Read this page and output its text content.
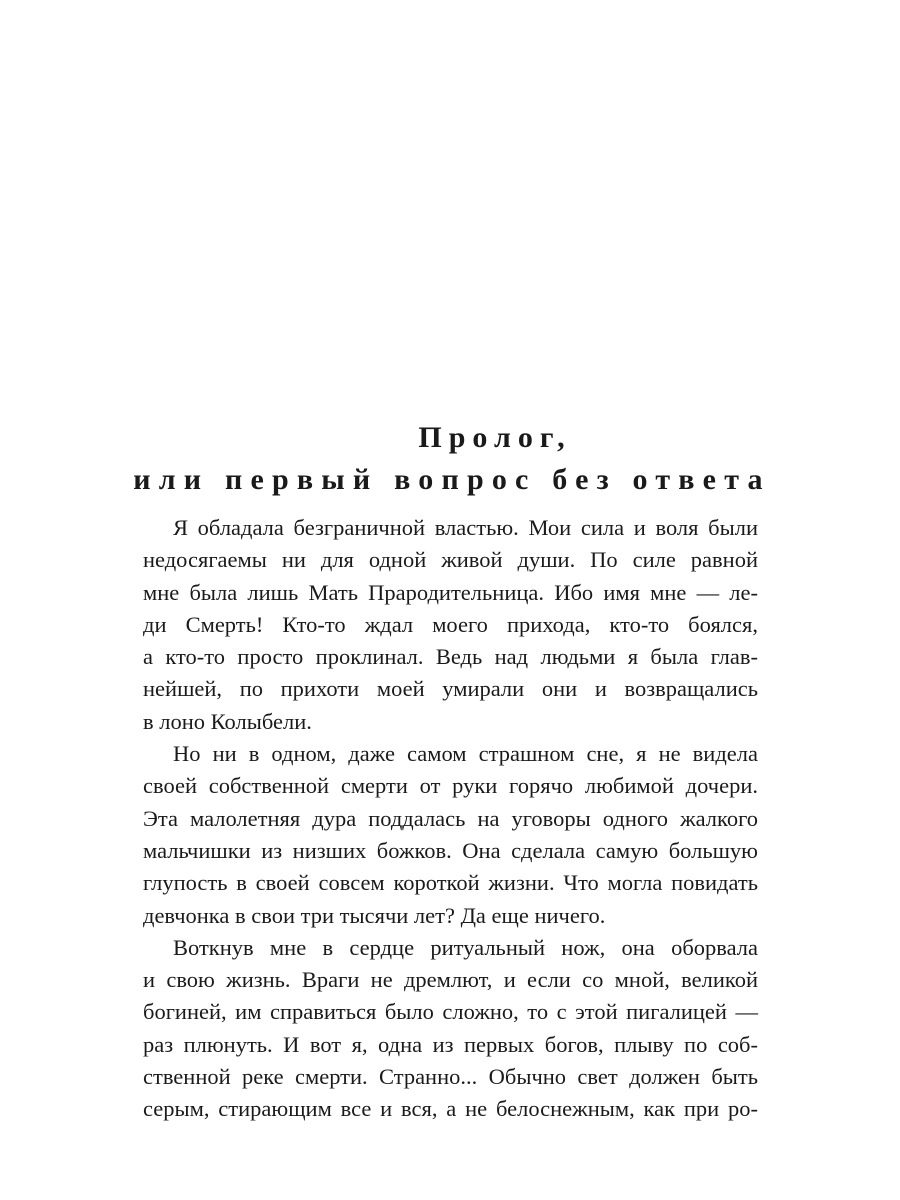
Пролог,
или первый вопрос без ответа
Я обладала безграничной властью. Мои сила и воля были
недосягаемы ни для одной живой души. По силе равной
мне была лишь Мать Прародительница. Ибо имя мне — ле-
ди Смерть! Кто-то ждал моего прихода, кто-то боялся,
а кто-то просто проклинал. Ведь над людьми я была глав-
нейшей, по прихоти моей умирали они и возвращались
в лоно Колыбели.
Но ни в одном, даже самом страшном сне, я не видела
своей собственной смерти от руки горячо любимой дочери.
Эта малолетняя дура поддалась на уговоры одного жалкого
мальчишки из низших божков. Она сделала самую большую
глупость в своей совсем короткой жизни. Что могла повидать
девчонка в свои три тысячи лет? Да еще ничего.
Воткнув мне в сердце ритуальный нож, она оборвала
и свою жизнь. Враги не дремлют, и если со мной, великой
богиней, им справиться было сложно, то с этой пигалицей —
раз плюнуть. И вот я, одна из первых богов, плыву по соб-
ственной реке смерти. Странно... Обычно свет должен быть
серым, стирающим все и вся, а не белоснежным, как при ро-
